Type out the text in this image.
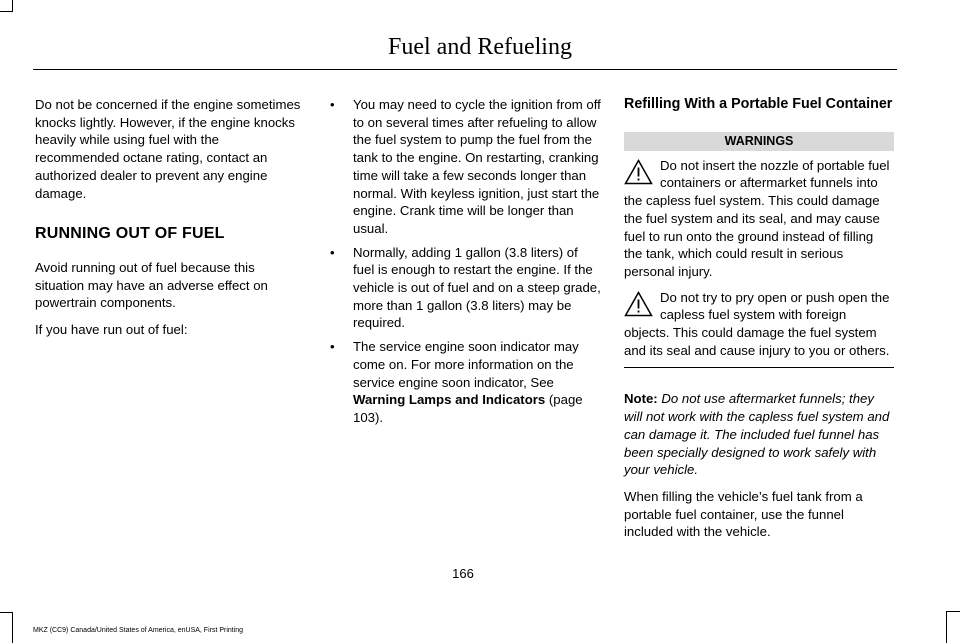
Fuel and Refueling

Do not be concerned if the engine sometimes knocks lightly. However, if the engine knocks heavily while using fuel with the recommended octane rating, contact an authorized dealer to prevent any engine damage.

RUNNING OUT OF FUEL

Avoid running out of fuel because this situation may have an adverse effect on powertrain components.

If you have run out of fuel:

• You may need to cycle the ignition from off to on several times after refueling to allow the fuel system to pump the fuel from the tank to the engine. On restarting, cranking time will take a few seconds longer than normal. With keyless ignition, just start the engine. Crank time will be longer than usual.
• Normally, adding 1 gallon (3.8 liters) of fuel is enough to restart the engine. If the vehicle is out of fuel and on a steep grade, more than 1 gallon (3.8 liters) may be required.
• The service engine soon indicator may come on. For more information on the service engine soon indicator, See Warning Lamps and Indicators (page 103).
Refilling With a Portable Fuel Container
WARNINGS
Do not insert the nozzle of portable fuel containers or aftermarket funnels into the capless fuel system. This could damage the fuel system and its seal, and may cause fuel to run onto the ground instead of filling the tank, which could result in serious personal injury.
Do not try to pry open or push open the capless fuel system with foreign objects. This could damage the fuel system and its seal and cause injury to you or others.

Note: Do not use aftermarket funnels; they will not work with the capless fuel system and can damage it. The included fuel funnel has been specially designed to work safely with your vehicle.

When filling the vehicle’s fuel tank from a portable fuel container, use the funnel included with the vehicle.

166
MKZ (CC9) Canada/United States of America, enUSA, First Printing
